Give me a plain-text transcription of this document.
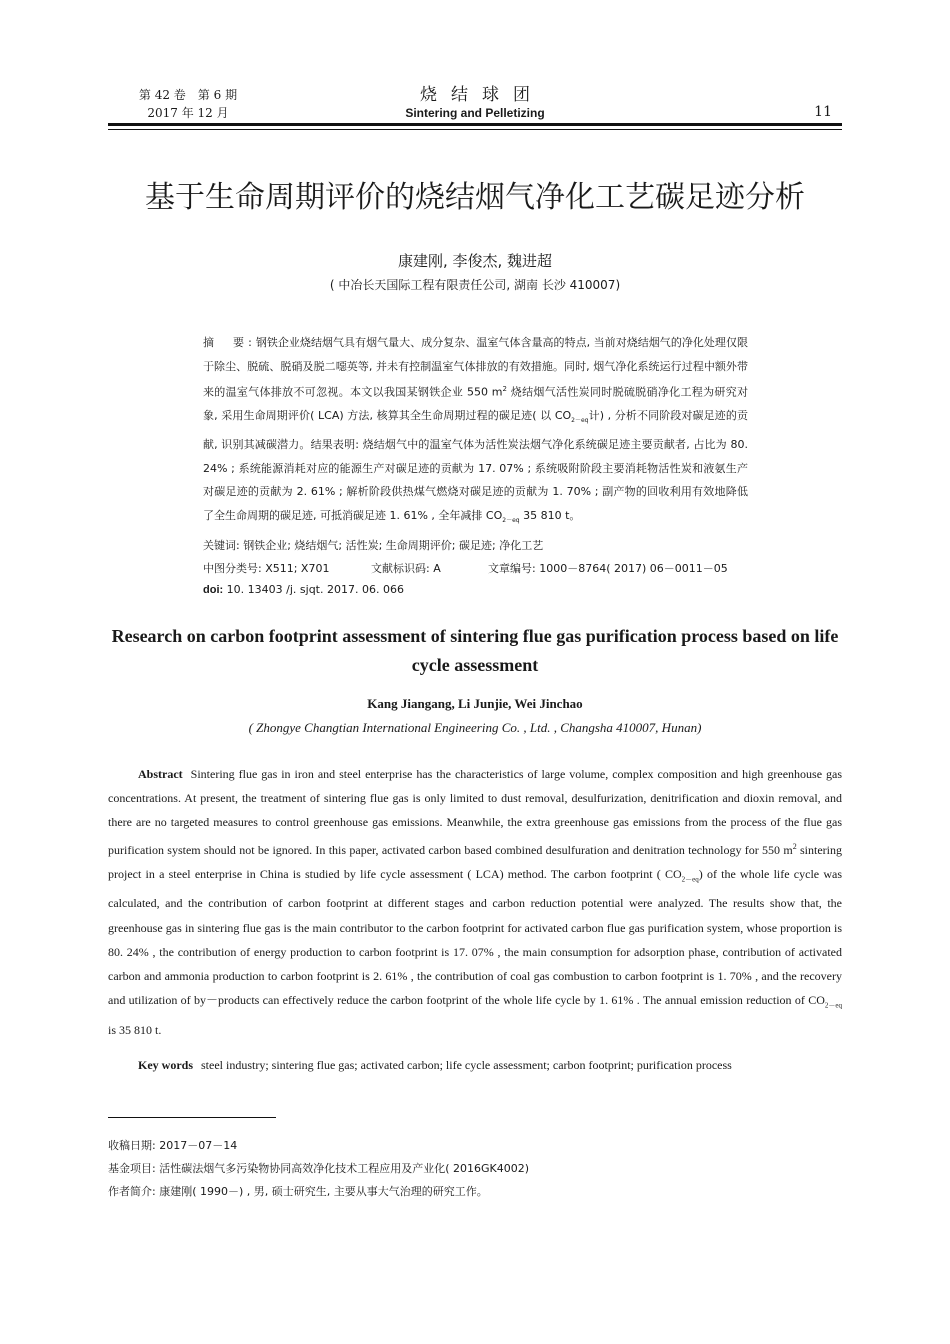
第 42 卷　第 6 期
2017 年 12 月
烧结球团
Sintering and Pelletizing	11
基于生命周期评价的烧结烟气净化工艺碳足迹分析
康建刚, 李俊杰, 魏进超
( 中冶长天国际工程有限责任公司, 湖南 长沙 410007)
摘　要:钢铁企业烧结烟气具有烟气量大、成分复杂、温室气体含量高的特点, 当前对烧结烟气的净化处理仅限于除尘、脱硫、脱硝及脱二噁英等, 并未有控制温室气体排放的有效措施。同时, 烟气净化系统运行过程中额外带来的温室气体排放不可忽视。本文以我国某钢铁企业 550 $m^2$ 烧结烟气活性炭同时脱硫脱硝净化工程为研究对象, 采用生命周期评价( LCA) 方法, 核算其全生命周期过程的碳足迹( 以 $CO_{2-eq}$计) , 分析不同阶段对碳足迹的贡献, 识别其减碳潜力。结果表明: 烧结烟气中的温室气体为活性炭法烟气净化系统碳足迹主要贡献者, 占比为 80. 24% ; 系统能源消耗对应的能源生产对碳足迹的贡献为 17. 07% ; 系统吸附阶段主要消耗物活性炭和液氨生产对碳足迹的贡献为 2. 61% ; 解析阶段供热煤气燃烧对碳足迹的贡献为 1. 70% ; 副产物的回收利用有效地降低了全生命周期的碳足迹, 可抵消碳足迹 1. 61% , 全年减排 $CO_{2-eq}$ 35 810 t。
关键词: 钢铁企业; 烧结烟气; 活性炭; 生命周期评价; 碳足迹; 净化工艺
中图分类号: X511; X701	文献标识码: A	文章编号: 1000－8764( 2017) 06－0011－05
doi: 10. 13403 /j. sjqt. 2017. 06. 066
Research on carbon footprint assessment of sintering flue gas purification process based on life cycle assessment
Kang Jiangang, Li Junjie, Wei Jinchao
( Zhongye Changtian International Engineering Co. , Ltd. , Changsha 410007, Hunan)
Abstract Sintering flue gas in iron and steel enterprise has the characteristics of large volume, complex composition and high greenhouse gas concentrations. At present, the treatment of sintering flue gas is only limited to dust removal, desulfurization, denitrification and dioxin removal, and there are no targeted measures to control greenhouse gas emissions. Meanwhile, the extra greenhouse gas emissions from the process of the flue gas purification system should not be ignored. In this paper, activated carbon based combined desulfuration and denitration technology for 550 $m^2$ sintering project in a steel enterprise in China is studied by life cycle assessment ( LCA) method. The carbon footprint ( $CO_{2-eq}$) of the whole life cycle was calculated, and the contribution of carbon footprint at different stages and carbon reduction potential were analyzed. The results show that, the greenhouse gas in sintering flue gas is the main contributor to the carbon footprint for activated carbon flue gas purification system, whose proportion is 80. 24% , the contribution of energy production to carbon footprint is 17. 07% , the main consumption for adsorption phase, contribution of activated carbon and ammonia production to carbon footprint is 2. 61% , the contribution of coal gas combustion to carbon footprint is 1. 70% , and the recovery and utilization of by－products can effectively reduce the carbon footprint of the whole life cycle by 1. 61% . The annual emission reduction of $CO_{2-eq}$ is 35 810 t.
Key words steel industry; sintering flue gas; activated carbon; life cycle assessment; carbon footprint; purification process
收稿日期: 2017－07－14
基金项目: 活性碳法烟气多污染物协同高效净化技术工程应用及产业化( 2016GK4002)
作者简介: 康建刚( 1990－) , 男, 硕士研究生, 主要从事大气治理的研究工作。
